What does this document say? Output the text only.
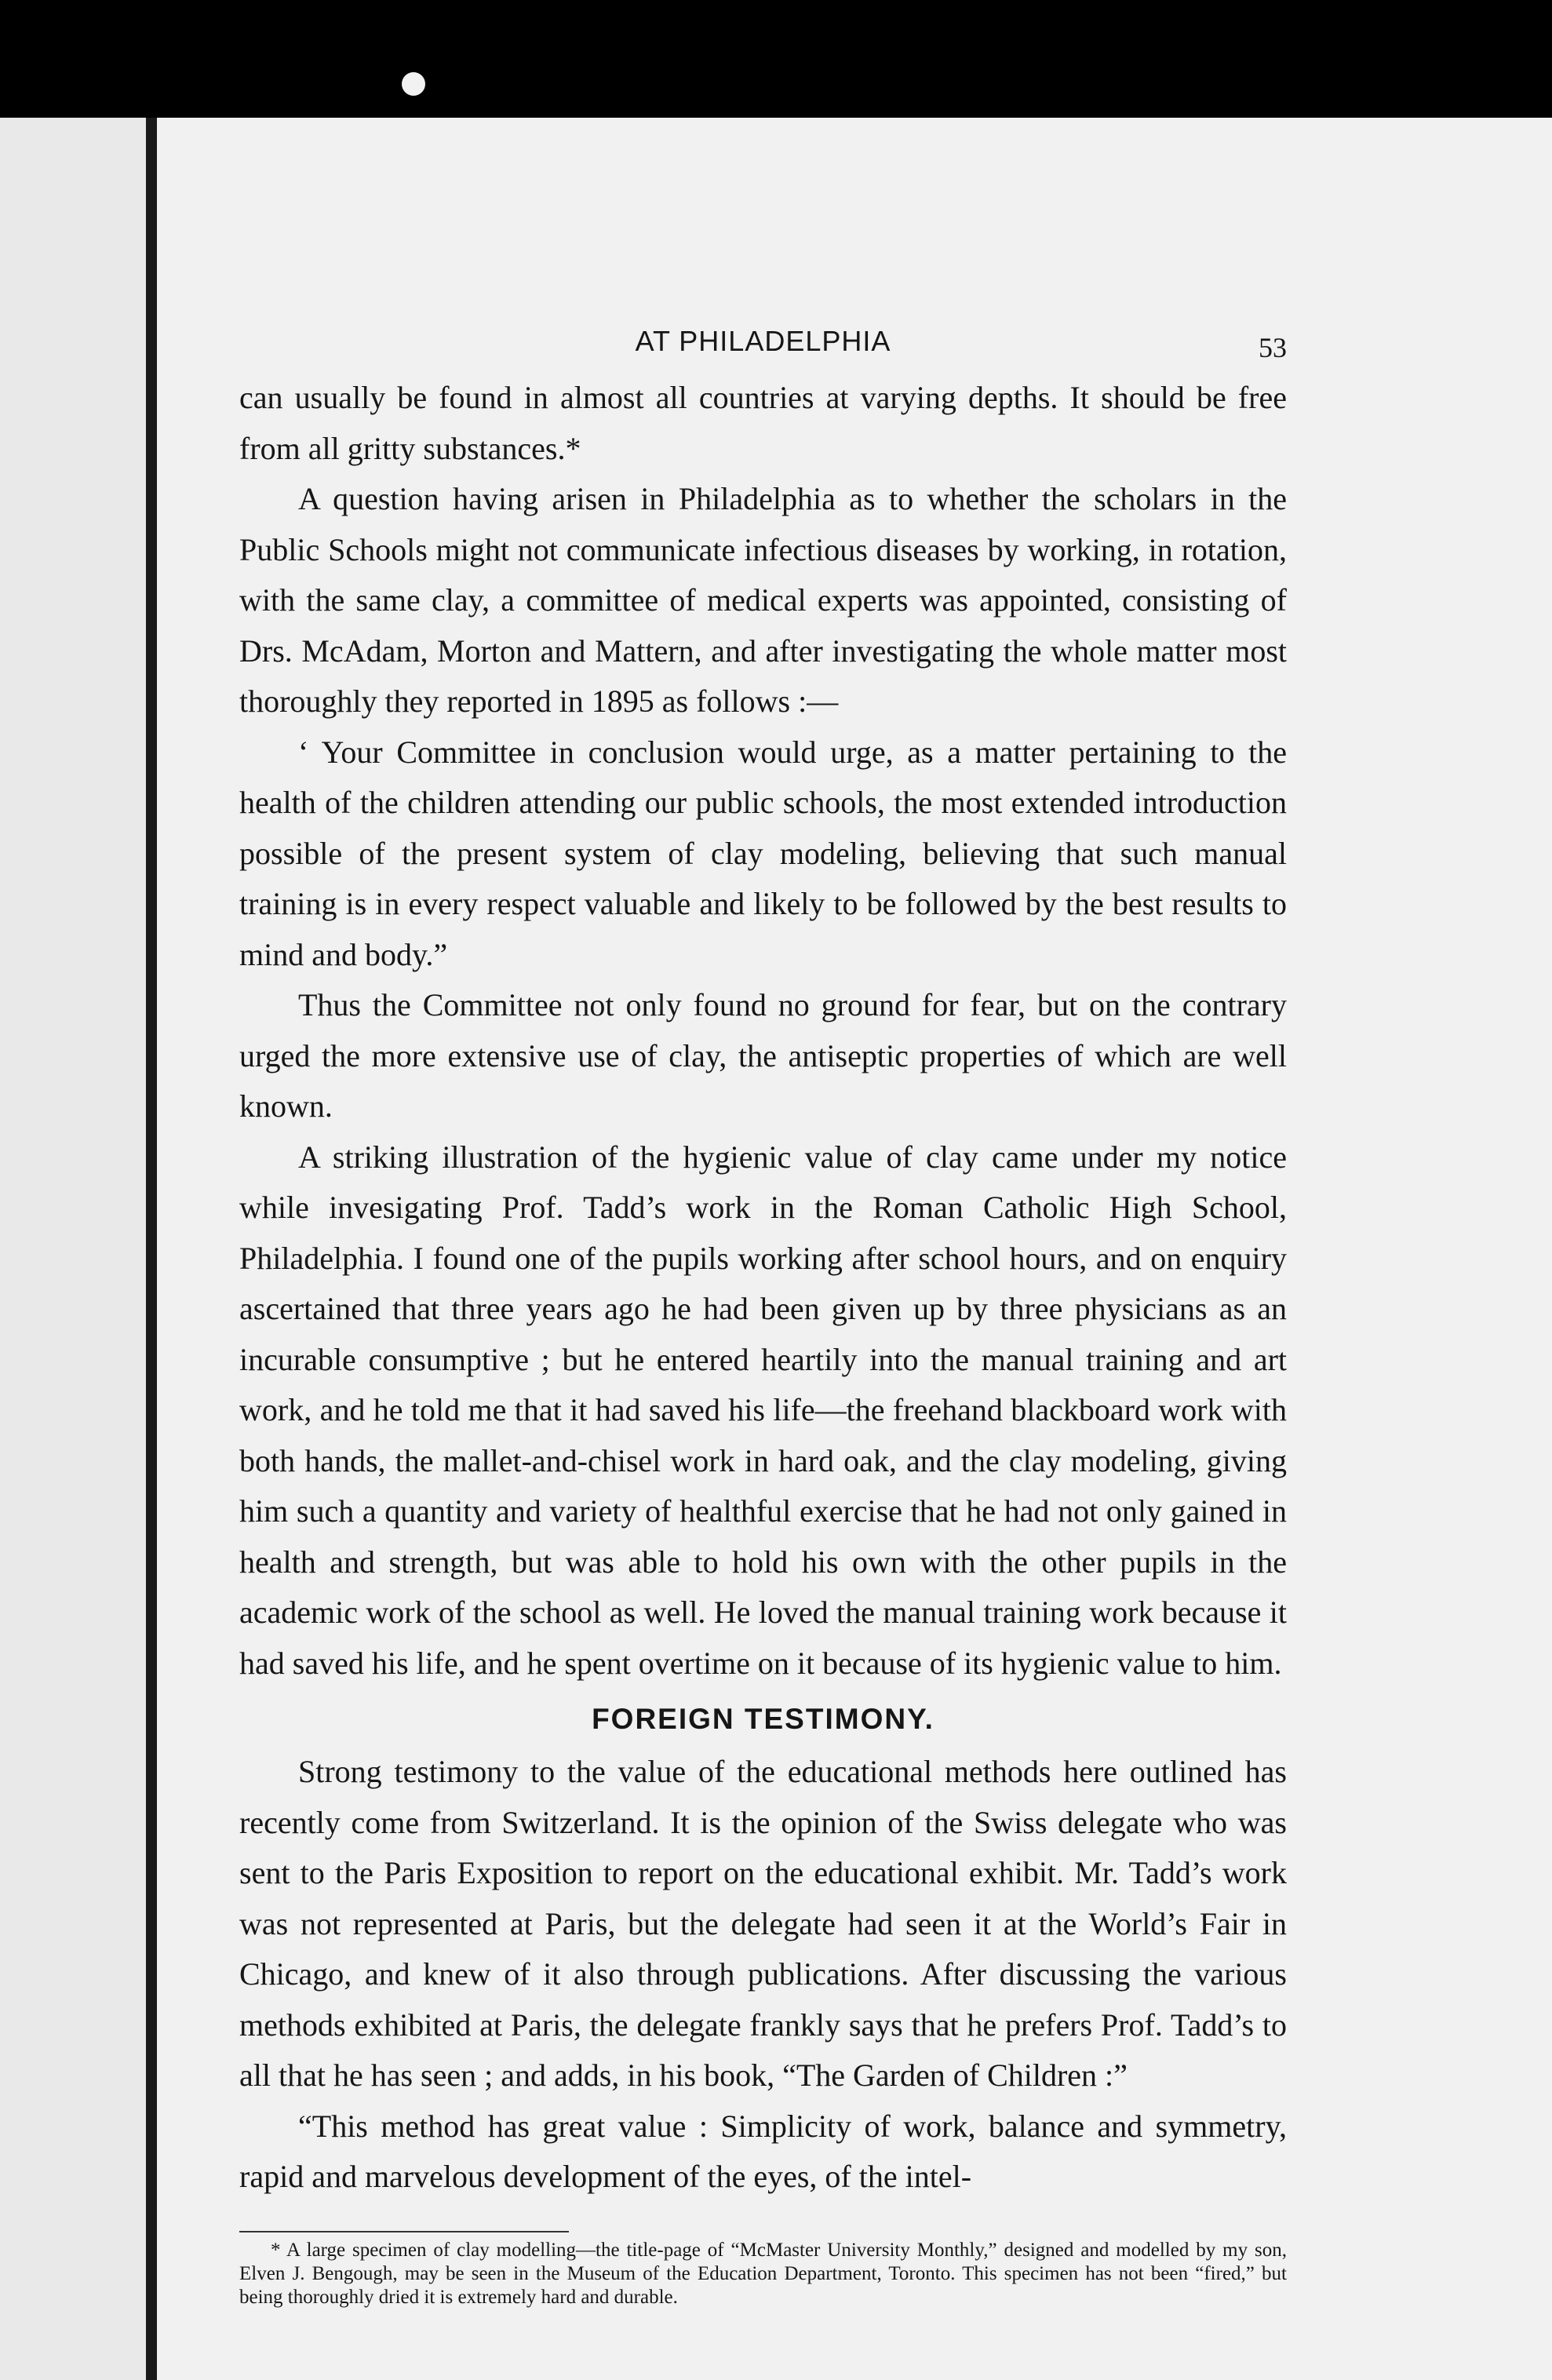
AT PHILADELPHIA	53

can usually be found in almost all countries at varying depths. It should be free from all gritty substances.*

A question having arisen in Philadelphia as to whether the scholars in the Public Schools might not communicate infectious diseases by working, in rotation, with the same clay, a committee of medical experts was appointed, consisting of Drs. McAdam, Morton and Mattern, and after investigating the whole matter most thoroughly they reported in 1895 as follows :—

‘ Your Committee in conclusion would urge, as a matter pertaining to the health of the children attending our public schools, the most extended introduction possible of the present system of clay modeling, believing that such manual training is in every respect valuable and likely to be followed by the best results to mind and body.”

Thus the Committee not only found no ground for fear, but on the contrary urged the more extensive use of clay, the antiseptic properties of which are well known.

A striking illustration of the hygienic value of clay came under my notice while invesigating Prof. Tadd’s work in the Roman Catholic High School, Philadelphia. I found one of the pupils working after school hours, and on enquiry ascertained that three years ago he had been given up by three physicians as an incurable consumptive ; but he entered heartily into the manual training and art work, and he told me that it had saved his life—the freehand blackboard work with both hands, the mallet-and-chisel work in hard oak, and the clay modeling, giving him such a quantity and variety of healthful exercise that he had not only gained in health and strength, but was able to hold his own with the other pupils in the academic work of the school as well. He loved the manual training work because it had saved his life, and he spent overtime on it because of its hygienic value to him.

FOREIGN TESTIMONY.

Strong testimony to the value of the educational methods here outlined has recently come from Switzerland. It is the opinion of the Swiss delegate who was sent to the Paris Exposition to report on the educational exhibit. Mr. Tadd’s work was not represented at Paris, but the delegate had seen it at the World’s Fair in Chicago, and knew of it also through publications. After discussing the various methods exhibited at Paris, the delegate frankly says that he prefers Prof. Tadd’s to all that he has seen ; and adds, in his book, “The Garden of Children :”

“This method has great value : Simplicity of work, balance and symmetry, rapid and marvelous development of the eyes, of the intel-

* A large specimen of clay modelling—the title-page of “McMaster University Monthly,” designed and modelled by my son, Elven J. Bengough, may be seen in the Museum of the Education Department, Toronto. This specimen has not been “fired,” but being thoroughly dried it is extremely hard and durable.
